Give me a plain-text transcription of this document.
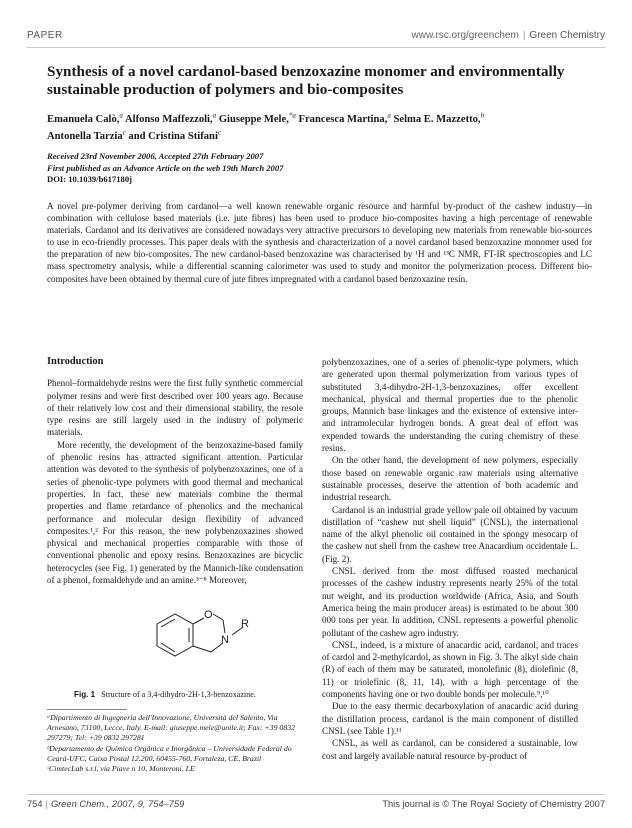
PAPER	www.rsc.org/greenchem | Green Chemistry
Synthesis of a novel cardanol-based benzoxazine monomer and environmentally sustainable production of polymers and bio-composites
Emanuela Calò,$^a$ Alfonso Maffezzoli,$^a$ Giuseppe Mele,$^{*a}$ Francesca Martina,$^a$ Selma E. Mazzetto,$^b$
Antonella Tarzia$^c$ and Cristina Stifani$^c$
Received 23rd November 2006, Accepted 27th February 2007
First published as an Advance Article on the web 19th March 2007
DOI: 10.1039/b617180j
A novel pre-polymer deriving from cardanol—a well known renewable organic resource and harmful by-product of the cashew industry—in combination with cellulose based materials (i.e. jute fibres) has been used to produce bio-composites having a high percentage of renewable materials. Cardanol and its derivatives are considered nowadays very attractive precursors to developing new materials from renewable bio-sources to use in eco-friendly processes. This paper deals with the synthesis and characterization of a novel cardanol based benzoxazine monomer used for the preparation of new bio-composites. The new cardanol-based benzoxazine was characterised by ¹H and ¹³C NMR, FT-IR spectroscopies and LC mass spectrometry analysis, while a differential scanning calorimeter was used to study and monitor the polymerization process. Different bio-composites have been obtained by thermal cure of jute fibres impregnated with a cardanol based benzoxazine resin.
Introduction

Phenol–formaldehyde resins were the first fully synthetic commercial polymer resins and were first described over 100 years ago. Because of their relatively low cost and their dimensional stability, the resole type resins are still largely used in the industry of polymeric materials.

More recently, the development of the benzoxazine-based family of phenolic resins has attracted significant attention. Particular attention was devoted to the synthesis of polybenzoxazines, one of a series of phenolic-type polymers with good thermal and mechanical properties. In fact, these new materials combine the thermal properties and flame retardance of phenolics and the mechanical performance and molecular design flexibility of advanced composites.¹,² For this reason, the new polybenzoxazines showed physical and mechanical properties comparable with those of conventional phenolic and epoxy resins. Benzoxazines are bicyclic heterocycles (see Fig. 1) generated by the Mannich-like condensation of a phenol, formaldehyde and an amine.³⁻⁸ Moreover,

O
N
R
Fig. 1 Structure of a 3,4-dihydro-2H-1,3-benzoxazine.
ᵃDipartimento di Ingegneria dell'Innovazione, Università del Salento, Via Arnesano, 73100, Lecce, Italy. E-mail: giuseppe.mele@unile.it; Fax: +39 0832 297279; Tel: +39 0832 297281
ᵇDepartamento de Química Orgânica e Inorgânica – Universidade Federal do Ceará-UFC, Caixa Postal 12.200, 60455-760, Fortaleza, CE, Brazil
ᶜCimtecLab s.r.l, via Piave n 10, Monteroni, LE

polybenzoxazines, one of a series of phenolic-type polymers, which are generated upon thermal polymerization from various types of substituted 3,4-dihydro-2H-1,3-benzoxazines, offer excellent mechanical, physical and thermal properties due to the phenolic groups, Mannich base linkages and the existence of extensive inter- and intramolecular hydrogen bonds. A great deal of effort was expended towards the understanding the curing chemistry of these resins.

On the other hand, the development of new polymers, especially those based on renewable organic raw materials using alternative sustainable processes, deserve the attention of both academic and industrial research.

Cardanol is an industrial grade yellow pale oil obtained by vacuum distillation of “cashew nut shell liquid” (CNSL), the international name of the alkyl phenolic oil contained in the spongy mesocarp of the cashew nut shell from the cashew tree Anacardium occidentale L. (Fig. 2).

CNSL derived from the most diffused roasted mechanical processes of the cashew industry represents nearly 25% of the total nut weight, and its production worldwide (Africa, Asia, and South America being the main producer areas) is estimated to be about 300 000 tons per year. In addition, CNSL represents a powerful phenolic pollutant of the cashew agro industry.

CNSL, indeed, is a mixture of anacardic acid, cardanol, and traces of cardol and 2-methylcardol, as shown in Fig. 3. The alkyl side chain (R) of each of them may be saturated, monolefinic (8), diolefinic (8, 11) or triolefinic (8, 11, 14), with a high percentage of the components having one or two double bonds per molecule.⁹,¹⁰

Due to the easy thermic decarboxylation of anacardic acid during the distillation process, cardanol is the main component of distilled CNSL (see Table 1).¹¹

CNSL, as well as cardanol, can be considered a sustainable, low cost and largely available natural resource by-product of

754 | Green Chem., 2007, 9, 754–759	This journal is © The Royal Society of Chemistry 2007
